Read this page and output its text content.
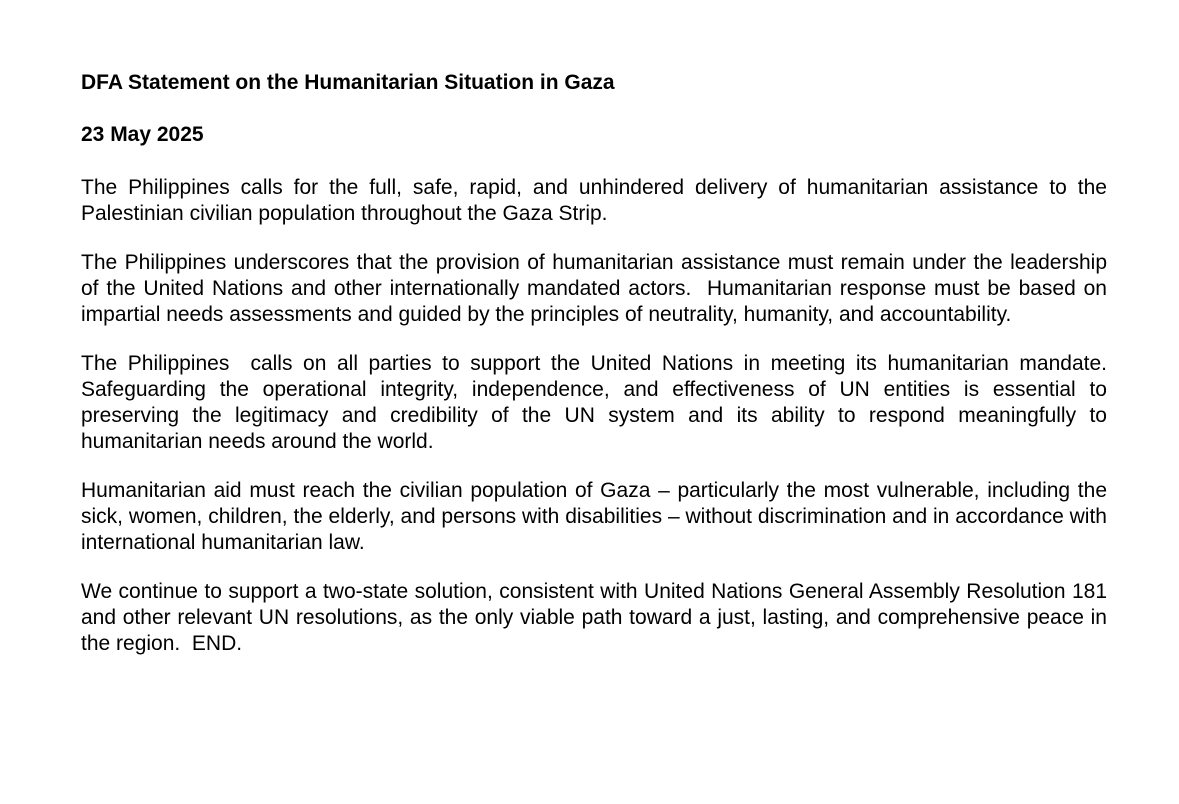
DFA Statement on the Humanitarian Situation in Gaza

23 May 2025

The Philippines calls for the full, safe, rapid, and unhindered delivery of humanitarian assistance to the Palestinian civilian population throughout the Gaza Strip.

The Philippines underscores that the provision of humanitarian assistance must remain under the leadership of the United Nations and other internationally mandated actors.  Humanitarian response must be based on impartial needs assessments and guided by the principles of neutrality, humanity, and accountability.

The Philippines  calls on all parties to support the United Nations in meeting its humanitarian mandate. Safeguarding the operational integrity, independence, and effectiveness of UN entities is essential to preserving the legitimacy and credibility of the UN system and its ability to respond meaningfully to humanitarian needs around the world.

Humanitarian aid must reach the civilian population of Gaza – particularly the most vulnerable, including the sick, women, children, the elderly, and persons with disabilities – without discrimination and in accordance with international humanitarian law.

We continue to support a two-state solution, consistent with United Nations General Assembly Resolution 181 and other relevant UN resolutions, as the only viable path toward a just, lasting, and comprehensive peace in the region.  END.
